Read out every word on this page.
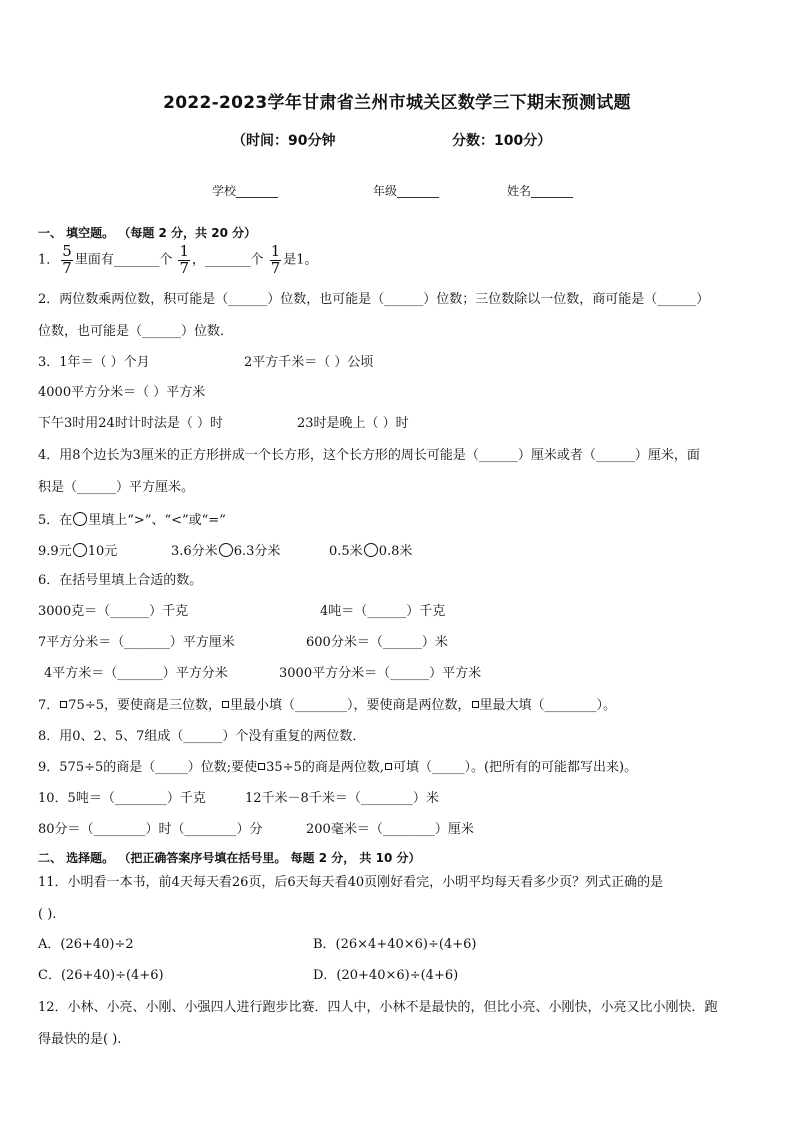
2022-2023学年甘肃省兰州市城关区数学三下期末预测试题
（时间：90分钟	分数：100分）
学校_______	年级_______	姓名_______
一、 填空题。 （每题 2 分，共 20 分）
1． $\frac{5}{7}$ 里面有_______个 $\frac{1}{7}$ ，_______个 $\frac{1}{7}$ 是1。
2．两位数乘两位数，积可能是（______）位数，也可能是（______）位数；三位数除以一位数，商可能是（______）
位数，也可能是（______）位数．
3．1年＝（ ）个月	2平方千米＝（ ）公顷
4000平方分米＝（ ）平方米
下午3时用24时计时法是（ ）时	23时是晚上（ ）时
4．用8个边长为3厘米的正方形拼成一个长方形，这个长方形的周长可能是（______）厘米或者（______）厘米，面
积是（______）平方厘米。
5．在 里填上“>”、“<”或“=”
9.9元 10元	3.6分米 6.3分米	0.5米 0.8米
6．在括号里填上合适的数。
3000克＝（______）千克	4吨＝（______）千克
7平方分米＝（_______）平方厘米	600分米＝（______）米
4平方米＝（_______）平方分米	3000平方分米＝（______）平方米
7． 75÷5，要使商是三位数， 里最小填（________），要使商是两位数， 里最大填（________）。
8．用0、2、5、7组成（______）个没有重复的两位数．
9．575÷5的商是（_____）位数;要使 35÷5的商是两位数, 可填（_____）。(把所有的可能都写出来)。
10．5吨＝（________）千克	12千米－8千米＝（________）米
80分＝（________）时（________）分	200毫米＝（________）厘米
二、 选择题。 （把正确答案序号填在括号里。 每题 2 分， 共 10 分）
11．小明看一本书，前4天每天看26页，后6天每天看40页刚好看完，小明平均每天看多少页？列式正确的是
( ).
A．(26+40)÷2	B．(26×4+40×6)÷(4+6)
C．(26+40)÷(4+6)	D．(20+40×6)÷(4+6)
12．小林、小亮、小刚、小强四人进行跑步比赛．四人中，小林不是最快的，但比小亮、小刚快，小亮又比小刚快．跑
得最快的是( ).
